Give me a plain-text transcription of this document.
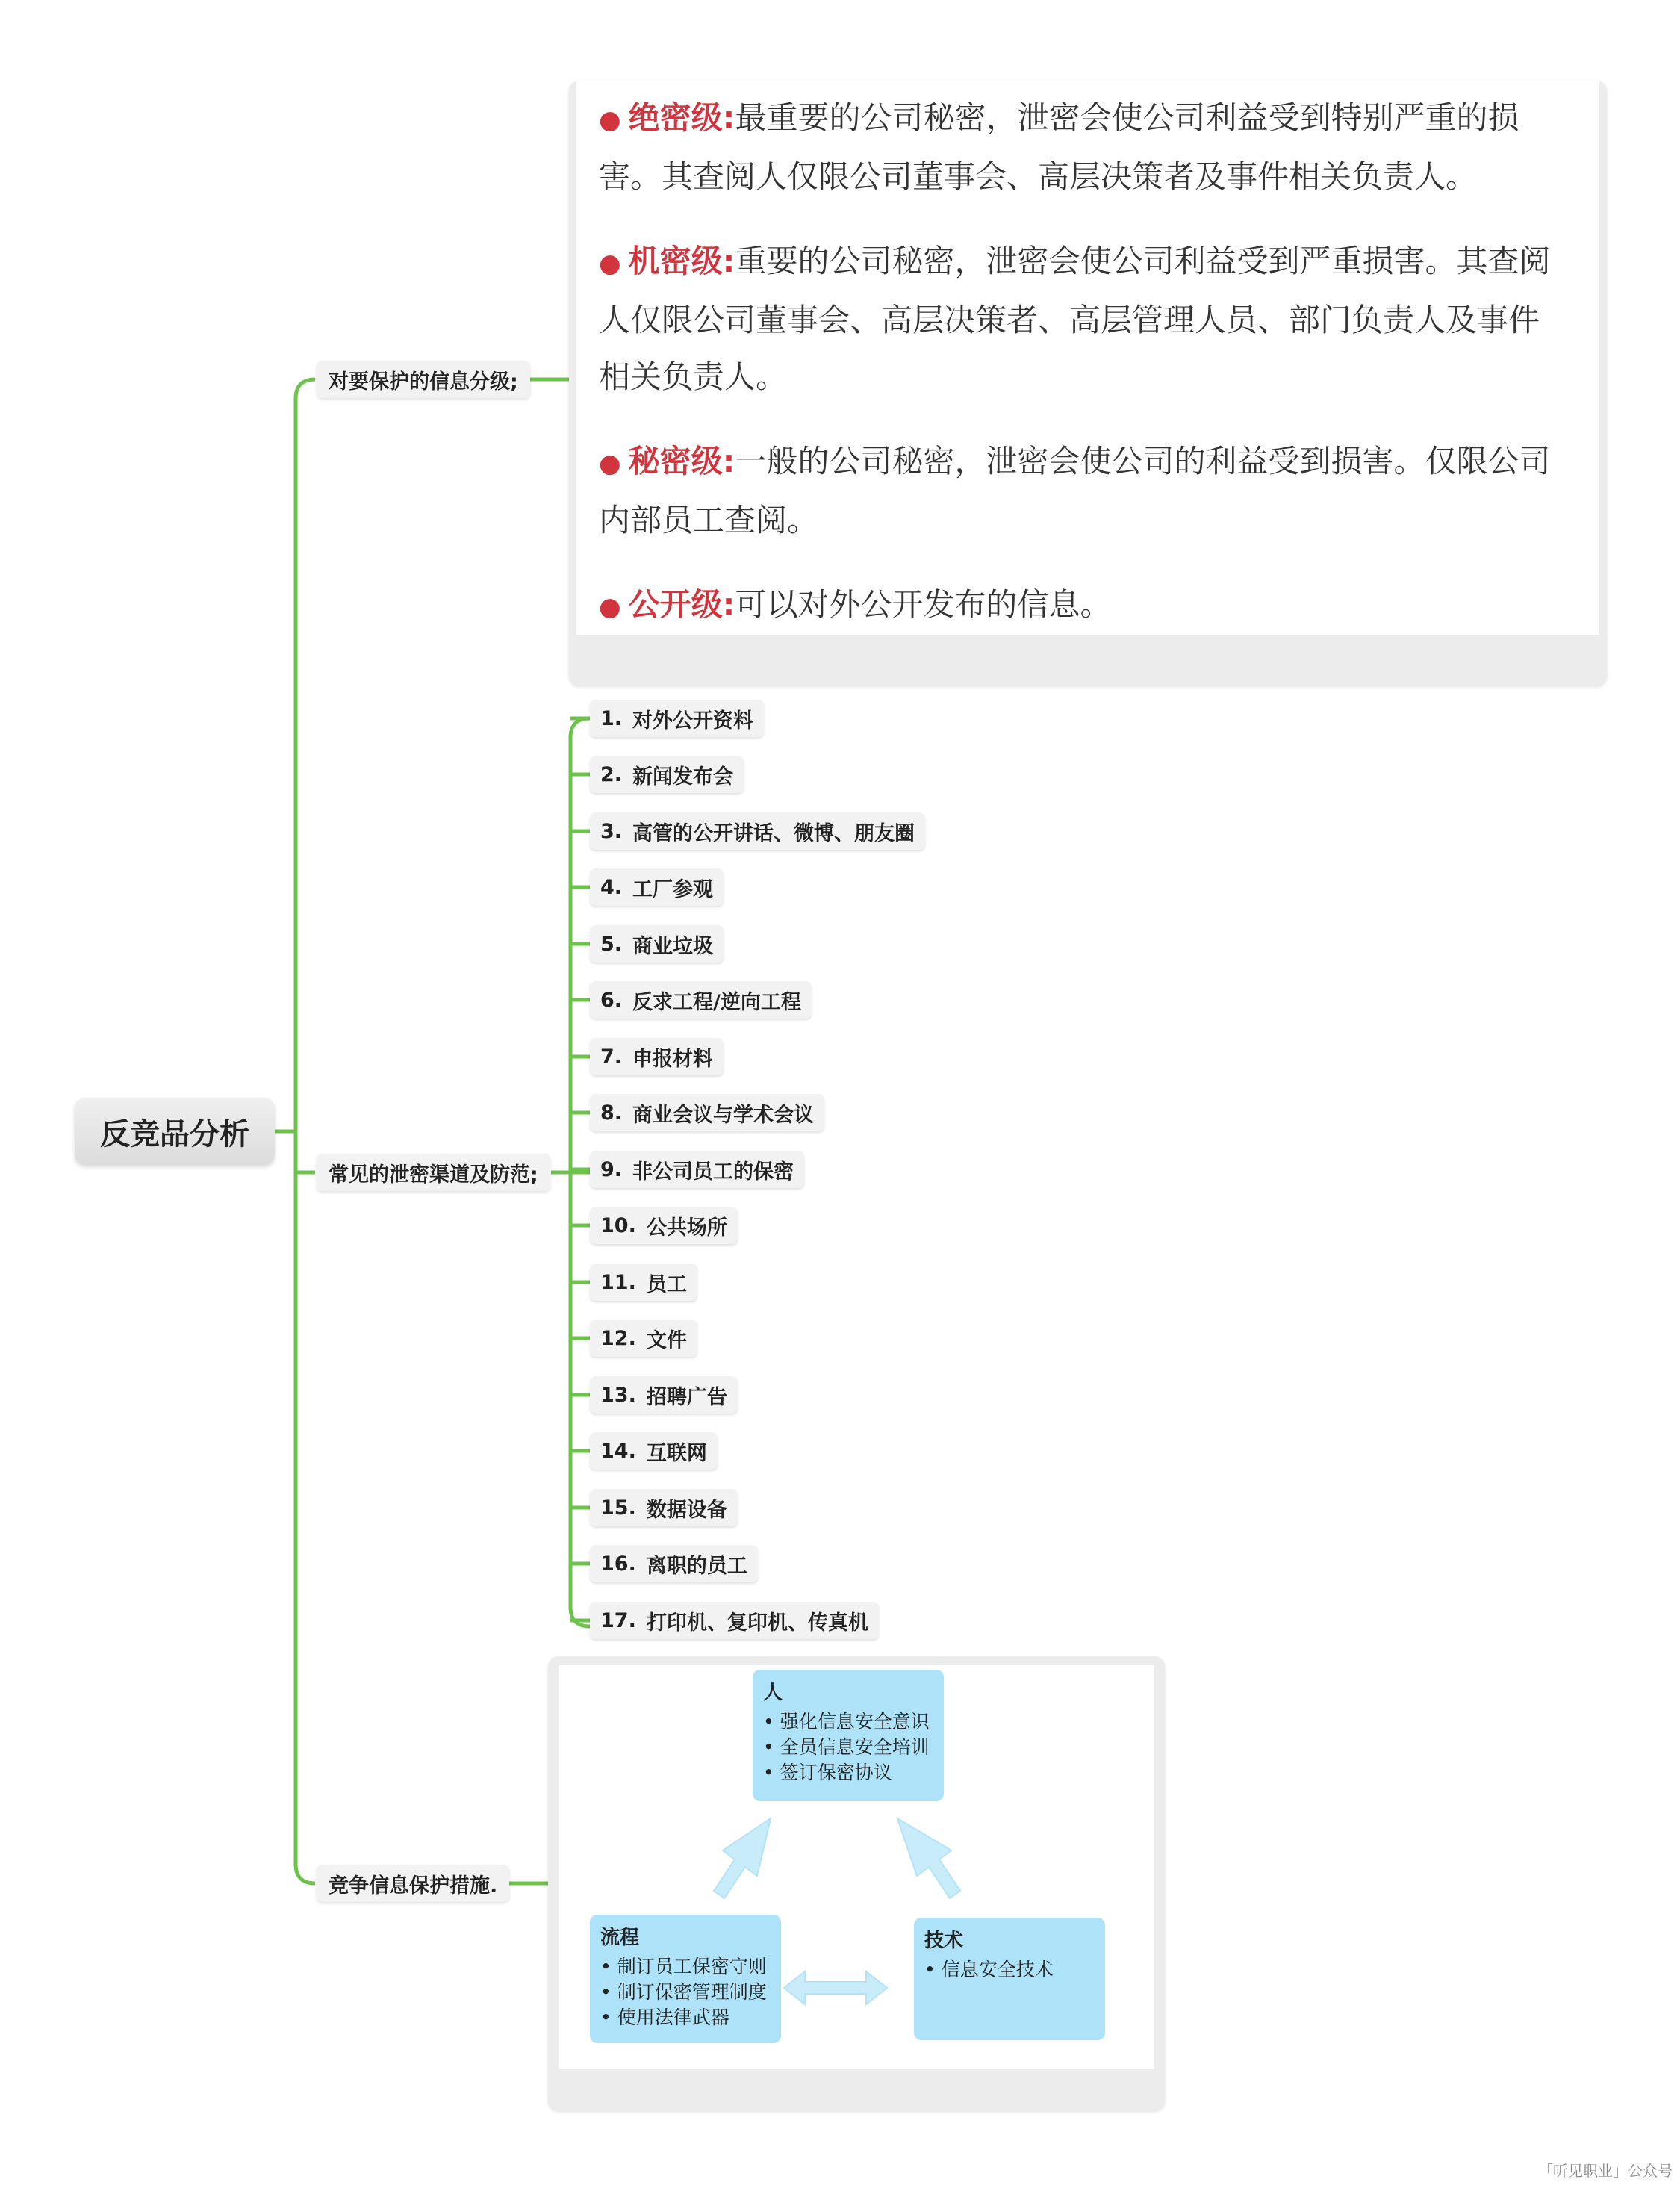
反竞品分析
对要保护的信息分级;
常见的泄密渠道及防范;
竞争信息保护措施.
● 绝密级:最重要的公司秘密，泄密会使公司利益受到特别严重的损害。其查阅人仅限公司董事会、高层决策者及事件相关负责人。
● 机密级:重要的公司秘密，泄密会使公司利益受到严重损害。其查阅人仅限公司董事会、高层决策者、高层管理人员、部门负责人及事件相关负责人。
● 秘密级:一般的公司秘密，泄密会使公司的利益受到损害。仅限公司内部员工查阅。
● 公开级:可以对外公开发布的信息。
1. 对外公开资料
2. 新闻发布会
3. 高管的公开讲话、微博、朋友圈
4. 工厂参观
5. 商业垃圾
6. 反求工程/逆向工程
7. 申报材料
8. 商业会议与学术会议
9. 非公司员工的保密
10. 公共场所
11. 员工
12. 文件
13. 招聘广告
14. 互联网
15. 数据设备
16. 离职的员工
17. 打印机、复印机、传真机
人
• 强化信息安全意识
• 全员信息安全培训
• 签订保密协议
流程
• 制订员工保密守则
• 制订保密管理制度
• 使用法律武器
技术
• 信息安全技术
「听见职业」公众号
